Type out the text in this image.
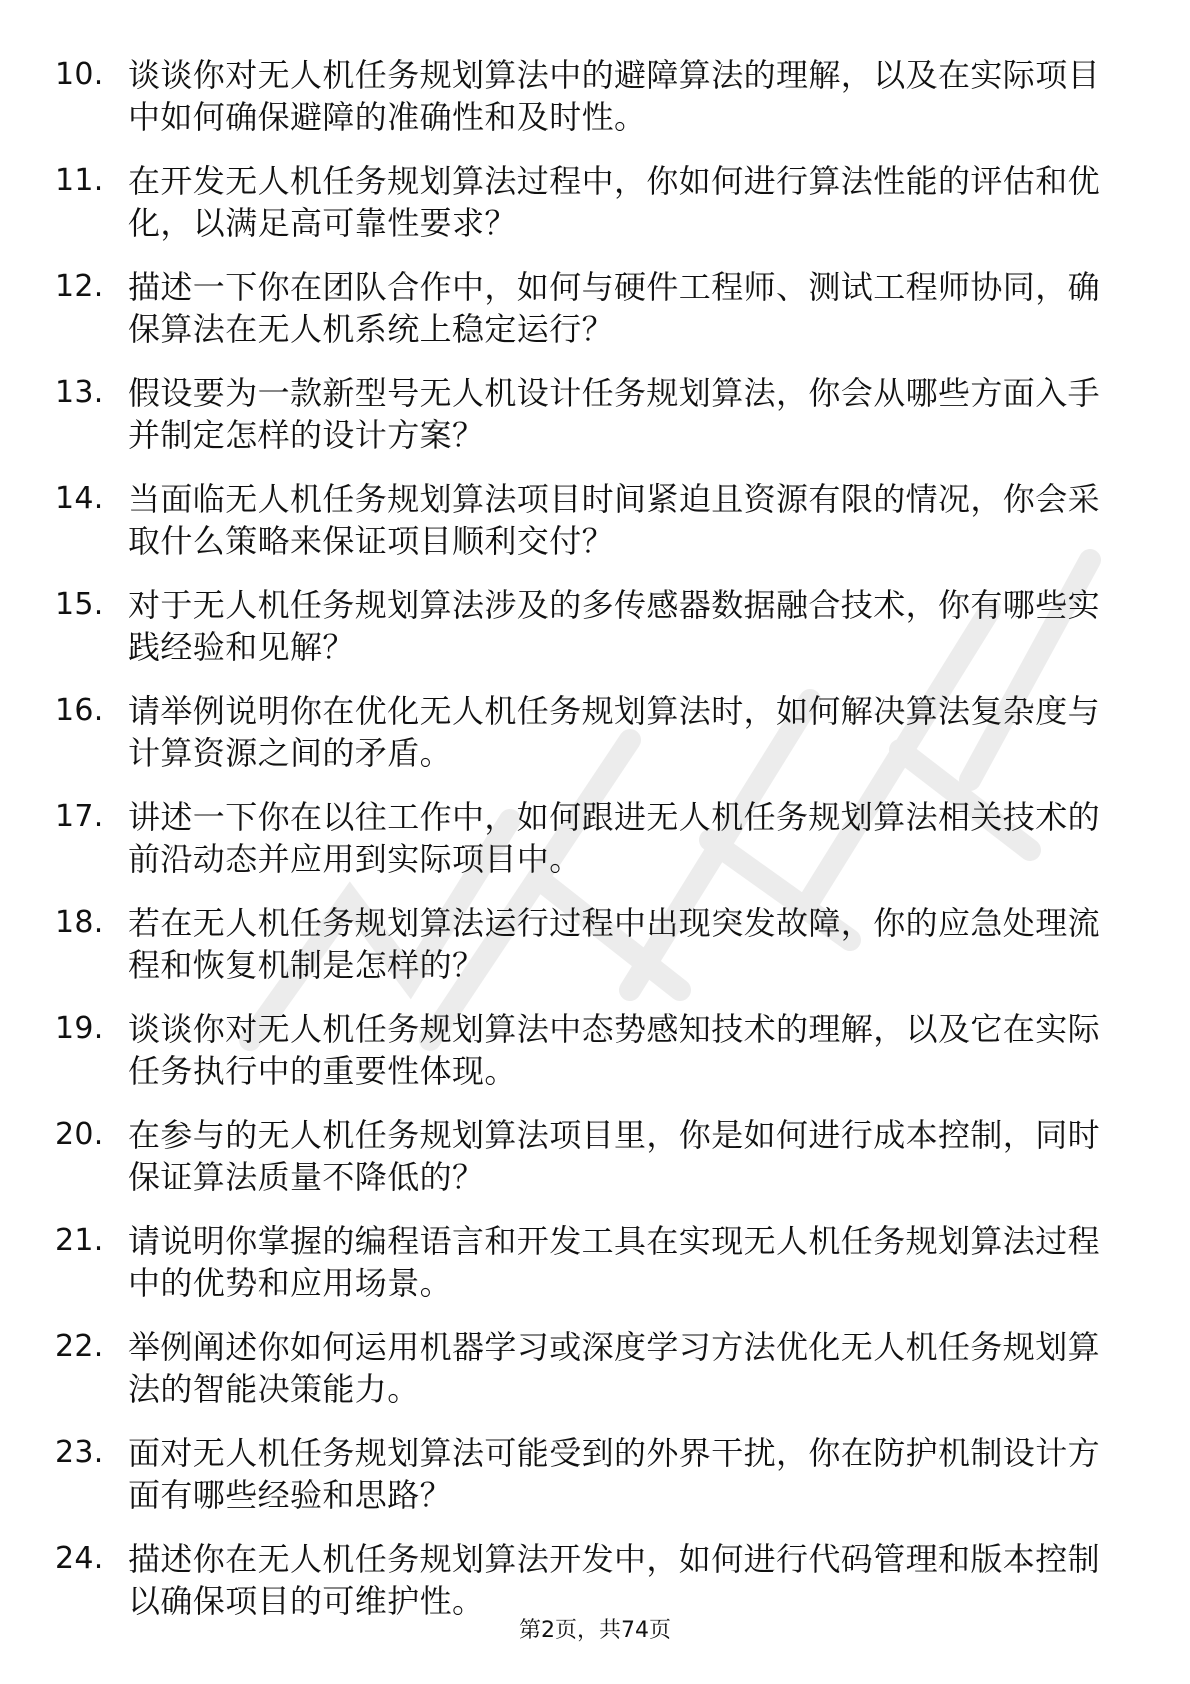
10. 谈谈你对无人机任务规划算法中的避障算法的理解，以及在实际项目中如何确保避障的准确性和及时性。
11. 在开发无人机任务规划算法过程中，你如何进行算法性能的评估和优化，以满足高可靠性要求？
12. 描述一下你在团队合作中，如何与硬件工程师、测试工程师协同，确保算法在无人机系统上稳定运行？
13. 假设要为一款新型号无人机设计任务规划算法，你会从哪些方面入手并制定怎样的设计方案？
14. 当面临无人机任务规划算法项目时间紧迫且资源有限的情况，你会采取什么策略来保证项目顺利交付？
15. 对于无人机任务规划算法涉及的多传感器数据融合技术，你有哪些实践经验和见解？
16. 请举例说明你在优化无人机任务规划算法时，如何解决算法复杂度与计算资源之间的矛盾。
17. 讲述一下你在以往工作中，如何跟进无人机任务规划算法相关技术的前沿动态并应用到实际项目中。
18. 若在无人机任务规划算法运行过程中出现突发故障，你的应急处理流程和恢复机制是怎样的？
19. 谈谈你对无人机任务规划算法中态势感知技术的理解，以及它在实际任务执行中的重要性体现。
20. 在参与的无人机任务规划算法项目里，你是如何进行成本控制，同时保证算法质量不降低的？
21. 请说明你掌握的编程语言和开发工具在实现无人机任务规划算法过程中的优势和应用场景。
22. 举例阐述你如何运用机器学习或深度学习方法优化无人机任务规划算法的智能决策能力。
23. 面对无人机任务规划算法可能受到的外界干扰，你在防护机制设计方面有哪些经验和思路？
24. 描述你在无人机任务规划算法开发中，如何进行代码管理和版本控制以确保项目的可维护性。
第2页，共74页
